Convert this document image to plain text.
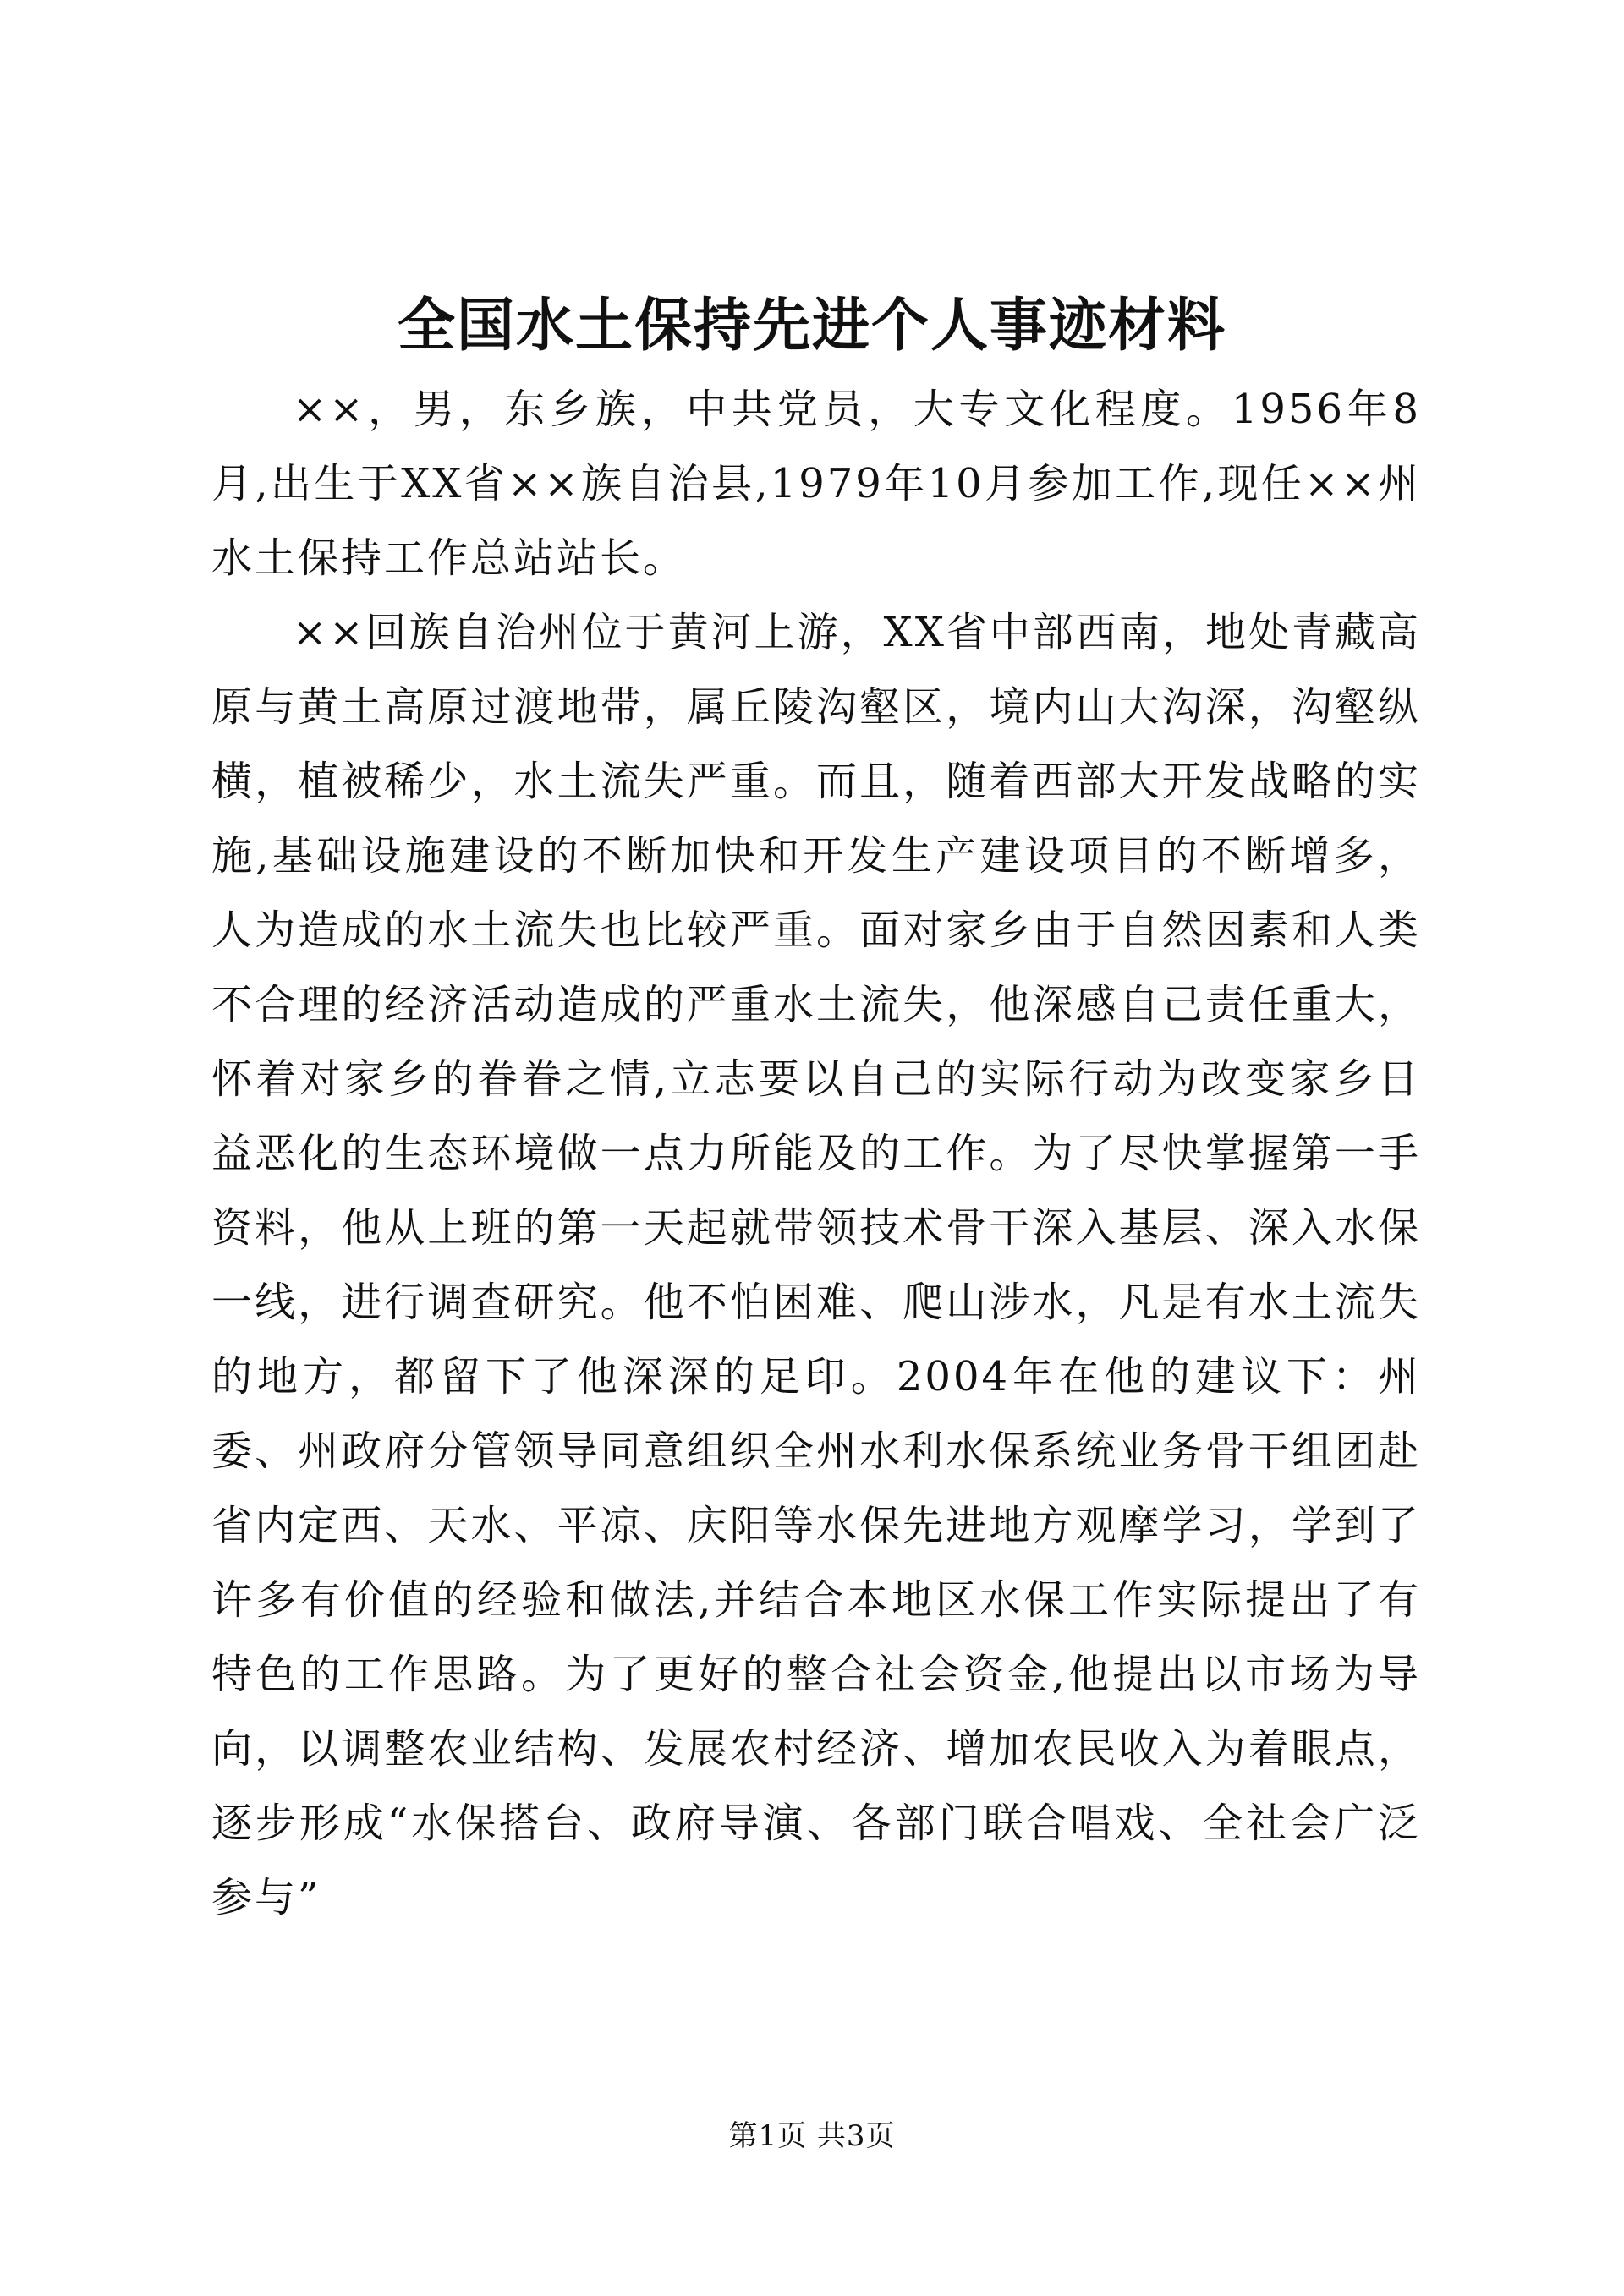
全国水土保持先进个人事迹材料

××，男，东乡族，中共党员，大专文化程度。1956年8月,出生于XX省××族自治县,1979年10月参加工作,现任××州水土保持工作总站站长。

××回族自治州位于黄河上游，XX省中部西南，地处青藏高原与黄土高原过渡地带，属丘陵沟壑区，境内山大沟深，沟壑纵横，植被稀少，水土流失严重。而且，随着西部大开发战略的实施,基础设施建设的不断加快和开发生产建设项目的不断增多，人为造成的水土流失也比较严重。面对家乡由于自然因素和人类不合理的经济活动造成的严重水土流失，他深感自己责任重大，怀着对家乡的眷眷之情,立志要以自己的实际行动为改变家乡日益恶化的生态环境做一点力所能及的工作。为了尽快掌握第一手资料，他从上班的第一天起就带领技术骨干深入基层、深入水保一线，进行调查研究。他不怕困难、爬山涉水，凡是有水土流失的地方，都留下了他深深的足印。2004年在他的建议下：州委、州政府分管领导同意组织全州水利水保系统业务骨干组团赴省内定西、天水、平凉、庆阳等水保先进地方观摩学习，学到了许多有价值的经验和做法,并结合本地区水保工作实际提出了有特色的工作思路。为了更好的整合社会资金,他提出以市场为导向，以调整农业结构、发展农村经济、增加农民收入为着眼点，逐步形成“水保搭台、政府导演、各部门联合唱戏、全社会广泛参与”

第1页 共3页
